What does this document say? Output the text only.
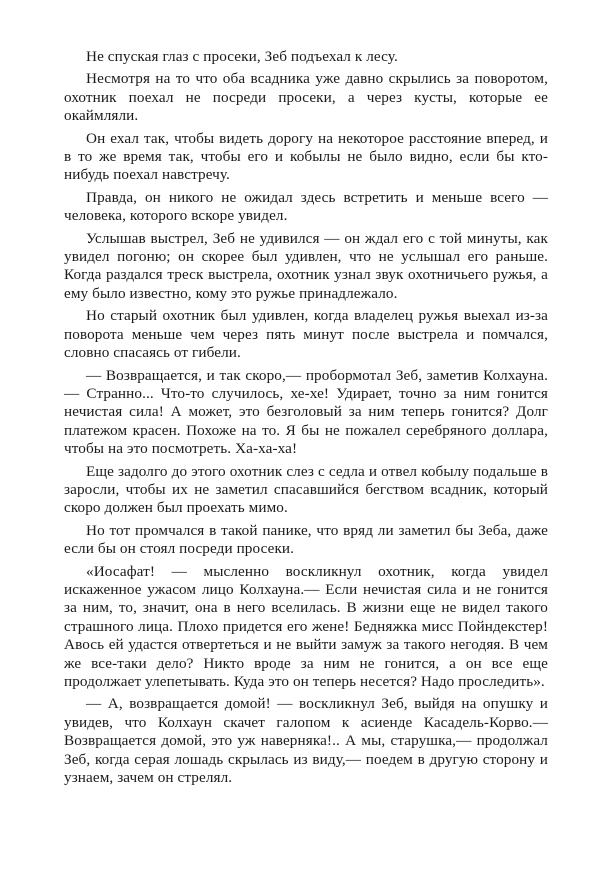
Не спуская глаз с просеки, Зеб подъехал к лесу.

Несмотря на то что оба всадника уже давно скрылись за поворотом, охотник поехал не посреди просеки, а через кусты, которые ее окаймляли.

Он ехал так, чтобы видеть дорогу на некоторое расстояние вперед, и в то же время так, чтобы его и кобылы не было видно, если бы кто-нибудь поехал навстречу.

Правда, он никого не ожидал здесь встретить и меньше всего — человека, которого вскоре увидел.

Услышав выстрел, Зеб не удивился — он ждал его с той минуты, как увидел погоню; он скорее был удивлен, что не услышал его раньше. Когда раздался треск выстрела, охотник узнал звук охотничьего ружья, а ему было известно, кому это ружье принадлежало.

Но старый охотник был удивлен, когда владелец ружья выехал из-за поворота меньше чем через пять минут после выстрела и помчался, словно спасаясь от гибели.

— Возвращается, и так скоро,— пробормотал Зеб, заметив Колхауна.— Странно... Что-то случилось, хе-хе! Удирает, точно за ним гонится нечистая сила! А может, это безголовый за ним теперь гонится? Долг платежом красен. Похоже на то. Я бы не пожалел серебряного доллара, чтобы на это посмотреть. Ха-ха-ха!

Еще задолго до этого охотник слез с седла и отвел кобылу подальше в заросли, чтобы их не заметил спасавшийся бегством всадник, который скоро должен был проехать мимо.

Но тот промчался в такой панике, что вряд ли заметил бы Зеба, даже если бы он стоял посреди просеки.

«Иосафат! — мысленно воскликнул охотник, когда увидел искаженное ужасом лицо Колхауна.— Если нечистая сила и не гонится за ним, то, значит, она в него вселилась. В жизни еще не видел такого страшного лица. Плохо придется его жене! Бедняжка мисс Пойндекстер! Авось ей удастся отвертеться и не выйти замуж за такого негодяя. В чем же все-таки дело? Никто вроде за ним не гонится, а он все еще продолжает улепетывать. Куда это он теперь несется? Надо проследить».

— А, возвращается домой! — воскликнул Зеб, выйдя на опушку и увидев, что Колхаун скачет галопом к асиенде Касадель-Корво.— Возвращается домой, это уж наверняка!.. А мы, старушка,— продолжал Зеб, когда серая лошадь скрылась из виду,— поедем в другую сторону и узнаем, зачем он стрелял.
